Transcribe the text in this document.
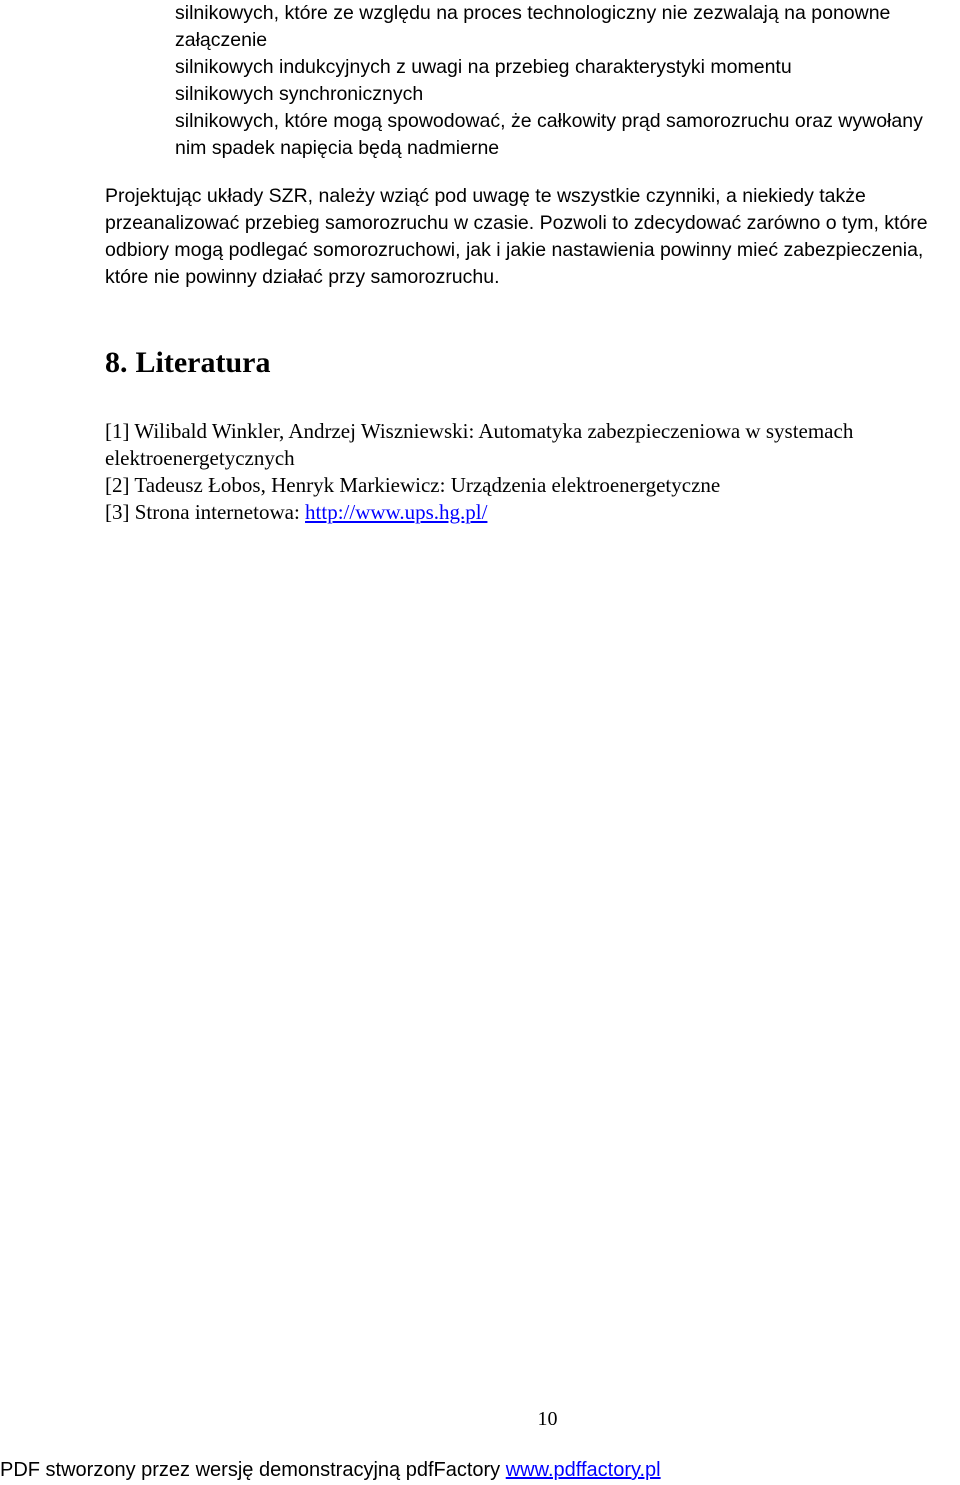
silnikowych, które ze względu na proces technologiczny nie zezwalają na ponowne załączenie
silnikowych indukcyjnych z uwagi na przebieg charakterystyki momentu
silnikowych synchronicznych
silnikowych, które mogą spowodować, że całkowity prąd samorozruchu oraz wywołany nim spadek napięcia będą nadmierne

Projektując układy SZR, należy wziąć pod uwagę te wszystkie czynniki, a niekiedy także przeanalizować przebieg samorozruchu w czasie. Pozwoli to zdecydować zarówno o tym, które odbiory mogą podlegać somorozruchowi, jak i jakie nastawienia powinny mieć zabezpieczenia, które nie powinny działać przy samorozruchu.

8. Literatura
[1] Wilibald Winkler, Andrzej Wiszniewski: Automatyka zabezpieczeniowa w systemach elektroenergetycznych
[2] Tadeusz Łobos, Henryk Markiewicz: Urządzenia elektroenergetyczne
[3] Strona internetowa: http://www.ups.hg.pl/
10
PDF stworzony przez wersję demonstracyjną pdfFactory www.pdffactory.pl
